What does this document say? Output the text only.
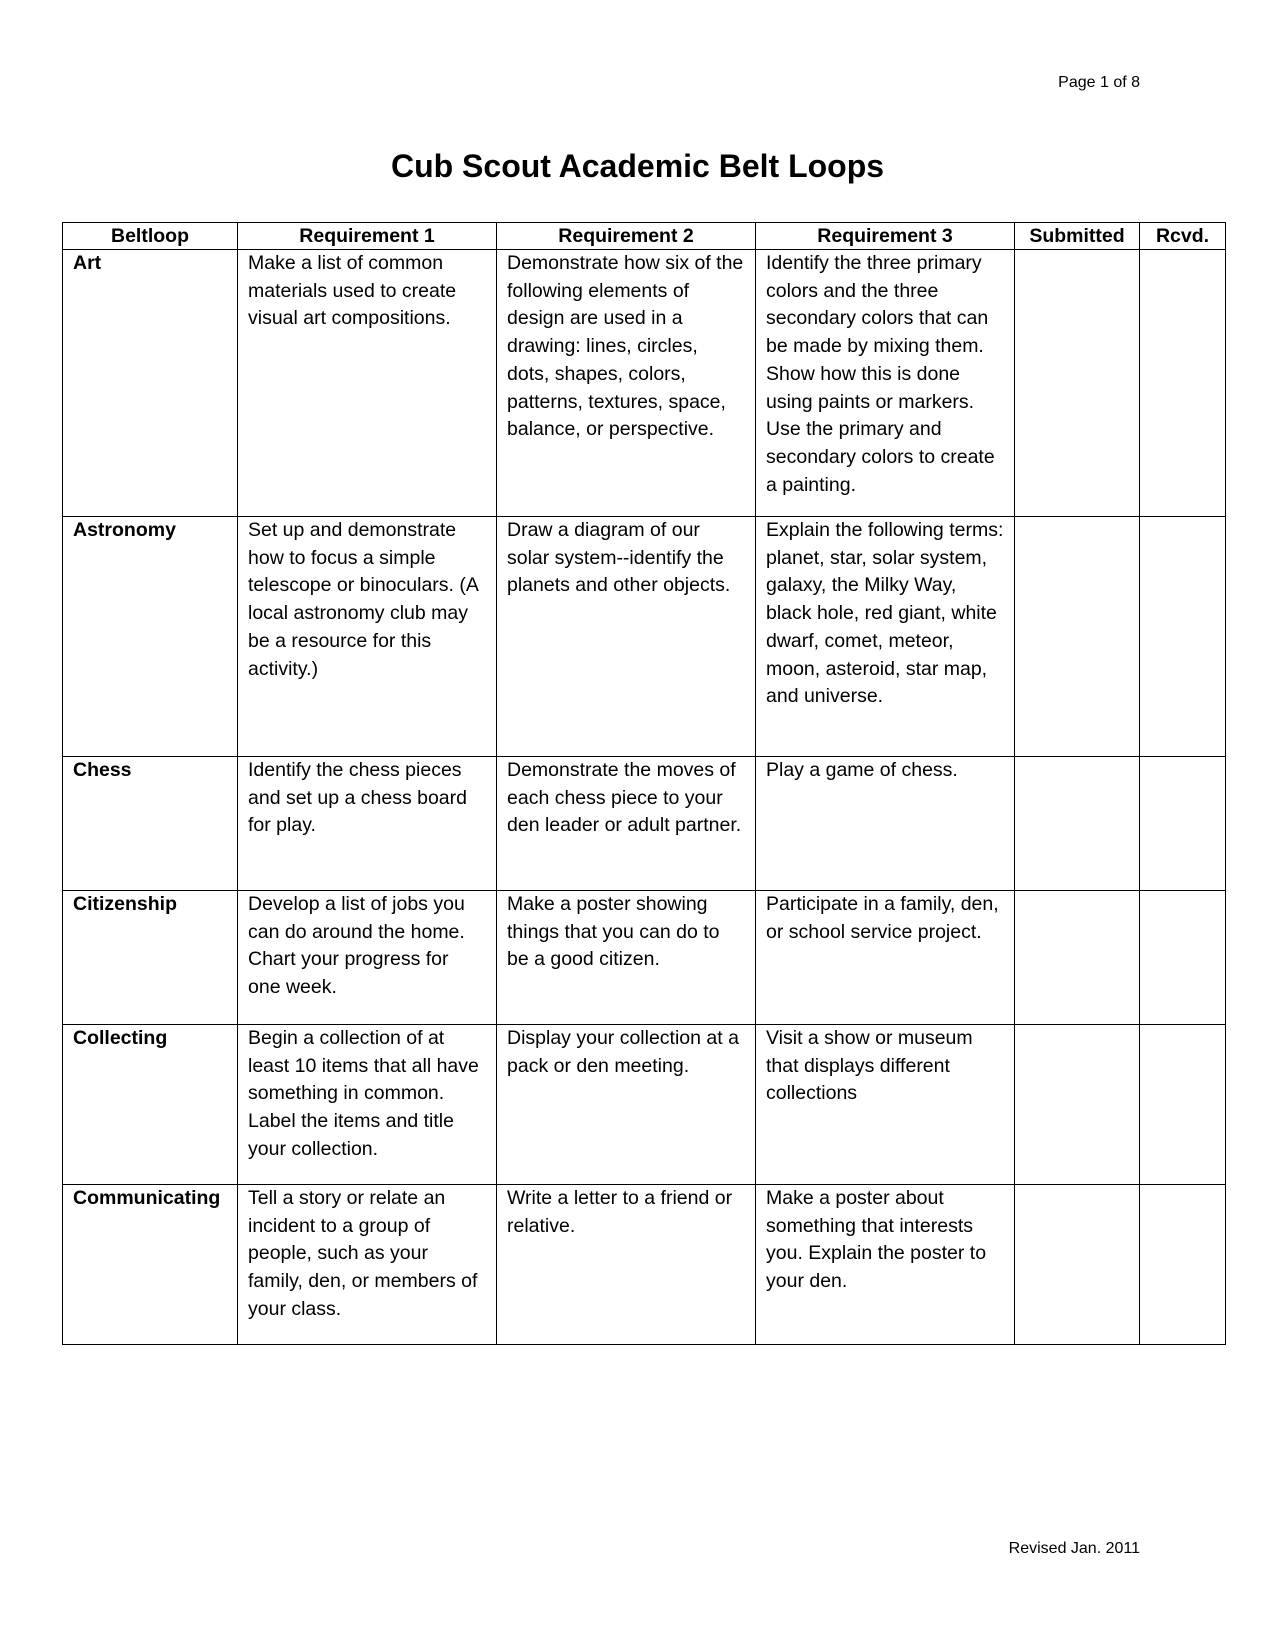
Page 1 of 8
Cub Scout Academic Belt Loops
Beltloop	Requirement 1	Requirement 2	Requirement 3	Submitted	Rcvd.
Art	Make a list of common materials used to create visual art compositions.	Demonstrate how six of the following elements of design are used in a drawing: lines, circles, dots, shapes, colors, patterns, textures, space, balance, or perspective.	Identify the three primary colors and the three secondary colors that can be made by mixing them. Show how this is done using paints or markers. Use the primary and secondary colors to create a painting.		
Astronomy	Set up and demonstrate how to focus a simple telescope or binoculars. (A local astronomy club may be a resource for this activity.)	Draw a diagram of our solar system--identify the planets and other objects.	Explain the following terms: planet, star, solar system, galaxy, the Milky Way, black hole, red giant, white dwarf, comet, meteor, moon, asteroid, star map, and universe.		
Chess	Identify the chess pieces and set up a chess board for play.	Demonstrate the moves of each chess piece to your den leader or adult partner.	Play a game of chess.		
Citizenship	Develop a list of jobs you can do around the home. Chart your progress for one week.	Make a poster showing things that you can do to be a good citizen.	Participate in a family, den, or school service project.		
Collecting	Begin a collection of at least 10 items that all have something in common. Label the items and title your collection.	Display your collection at a pack or den meeting.	Visit a show or museum that displays different collections		
Communicating	Tell a story or relate an incident to a group of people, such as your family, den, or members of your class.	Write a letter to a friend or relative.	Make a poster about something that interests you. Explain the poster to your den.		
Revised Jan. 2011
